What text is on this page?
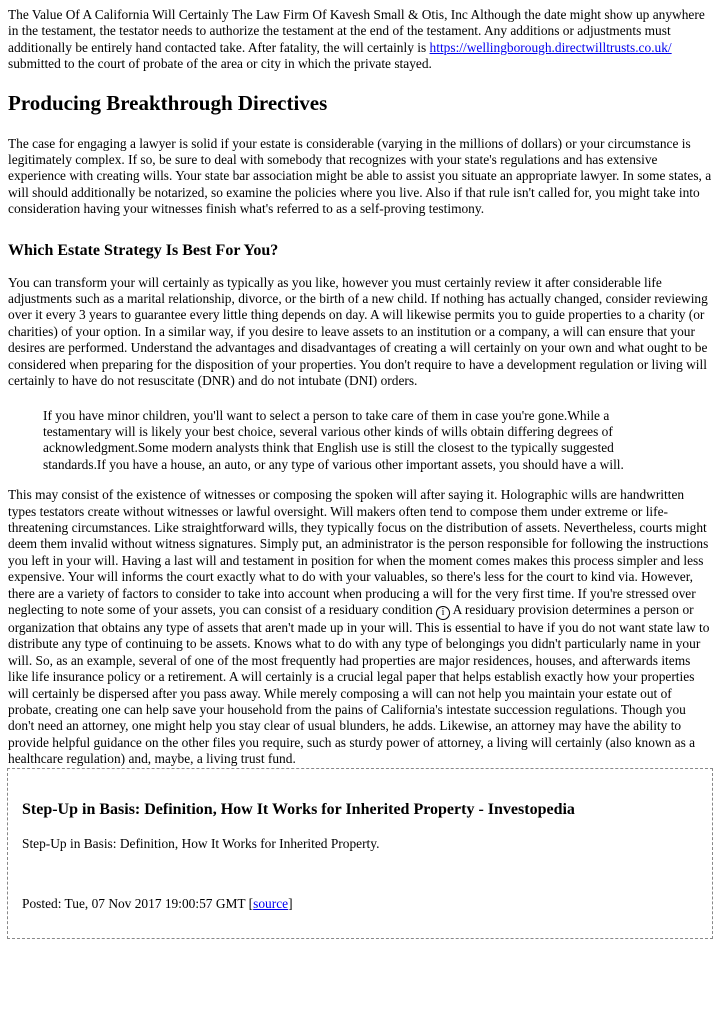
The Value Of A California Will Certainly The Law Firm Of Kavesh Small & Otis, Inc Although the date might show up anywhere in the testament, the testator needs to authorize the testament at the end of the testament. Any additions or adjustments must additionally be entirely hand contacted take. After fatality, the will certainly is https://wellingborough.directwilltrusts.co.uk/ submitted to the court of probate of the area or city in which the private stayed.

Producing Breakthrough Directives

The case for engaging a lawyer is solid if your estate is considerable (varying in the millions of dollars) or your circumstance is legitimately complex. If so, be sure to deal with somebody that recognizes with your state's regulations and has extensive experience with creating wills. Your state bar association might be able to assist you situate an appropriate lawyer. In some states, a will should additionally be notarized, so examine the policies where you live. Also if that rule isn't called for, you might take into consideration having your witnesses finish what's referred to as a self-proving testimony.

Which Estate Strategy Is Best For You?

You can transform your will certainly as typically as you like, however you must certainly review it after considerable life adjustments such as a marital relationship, divorce, or the birth of a new child. If nothing has actually changed, consider reviewing over it every 3 years to guarantee every little thing depends on day. A will likewise permits you to guide properties to a charity (or charities) of your option. In a similar way, if you desire to leave assets to an institution or a company, a will can ensure that your desires are performed. Understand the advantages and disadvantages of creating a will certainly on your own and what ought to be considered when preparing for the disposition of your properties. You don't require to have a development regulation or living will certainly to have do not resuscitate (DNR) and do not intubate (DNI) orders.

If you have minor children, you'll want to select a person to take care of them in case you're gone.While a testamentary will is likely your best choice, several various other kinds of wills obtain differing degrees of acknowledgment.Some modern analysts think that English use is still the closest to the typically suggested standards.If you have a house, an auto, or any type of various other important assets, you should have a will.

This may consist of the existence of witnesses or composing the spoken will after saying it. Holographic wills are handwritten types testators create without witnesses or lawful oversight. Will makers often tend to compose them under extreme or life-threatening circumstances. Like straightforward wills, they typically focus on the distribution of assets. Nevertheless, courts might deem them invalid without witness signatures. Simply put, an administrator is the person responsible for following the instructions you left in your will. Having a last will and testament in position for when the moment comes makes this process simpler and less expensive. Your will informs the court exactly what to do with your valuables, so there's less for the court to kind via. However, there are a variety of factors to consider to take into account when producing a will for the very first time. If you're stressed over neglecting to note some of your assets, you can consist of a residuary condition i A residuary provision determines a person or organization that obtains any type of assets that aren't made up in your will. This is essential to have if you do not want state law to distribute any type of continuing to be assets. Knows what to do with any type of belongings you didn't particularly name in your will. So, as an example, several of one of the most frequently had properties are major residences, houses, and afterwards items like life insurance policy or a retirement. A will certainly is a crucial legal paper that helps establish exactly how your properties will certainly be dispersed after you pass away. While merely composing a will can not help you maintain your estate out of probate, creating one can help save your household from the pains of California's intestate succession regulations. Though you don't need an attorney, one might help you stay clear of usual blunders, he adds. Likewise, an attorney may have the ability to provide helpful guidance on the other files you require, such as sturdy power of attorney, a living will certainly (also known as a healthcare regulation) and, maybe, a living trust fund.

Step-Up in Basis: Definition, How It Works for Inherited Property - Investopedia

Step-Up in Basis: Definition, How It Works for Inherited Property.

Posted: Tue, 07 Nov 2017 19:00:57 GMT [source]
